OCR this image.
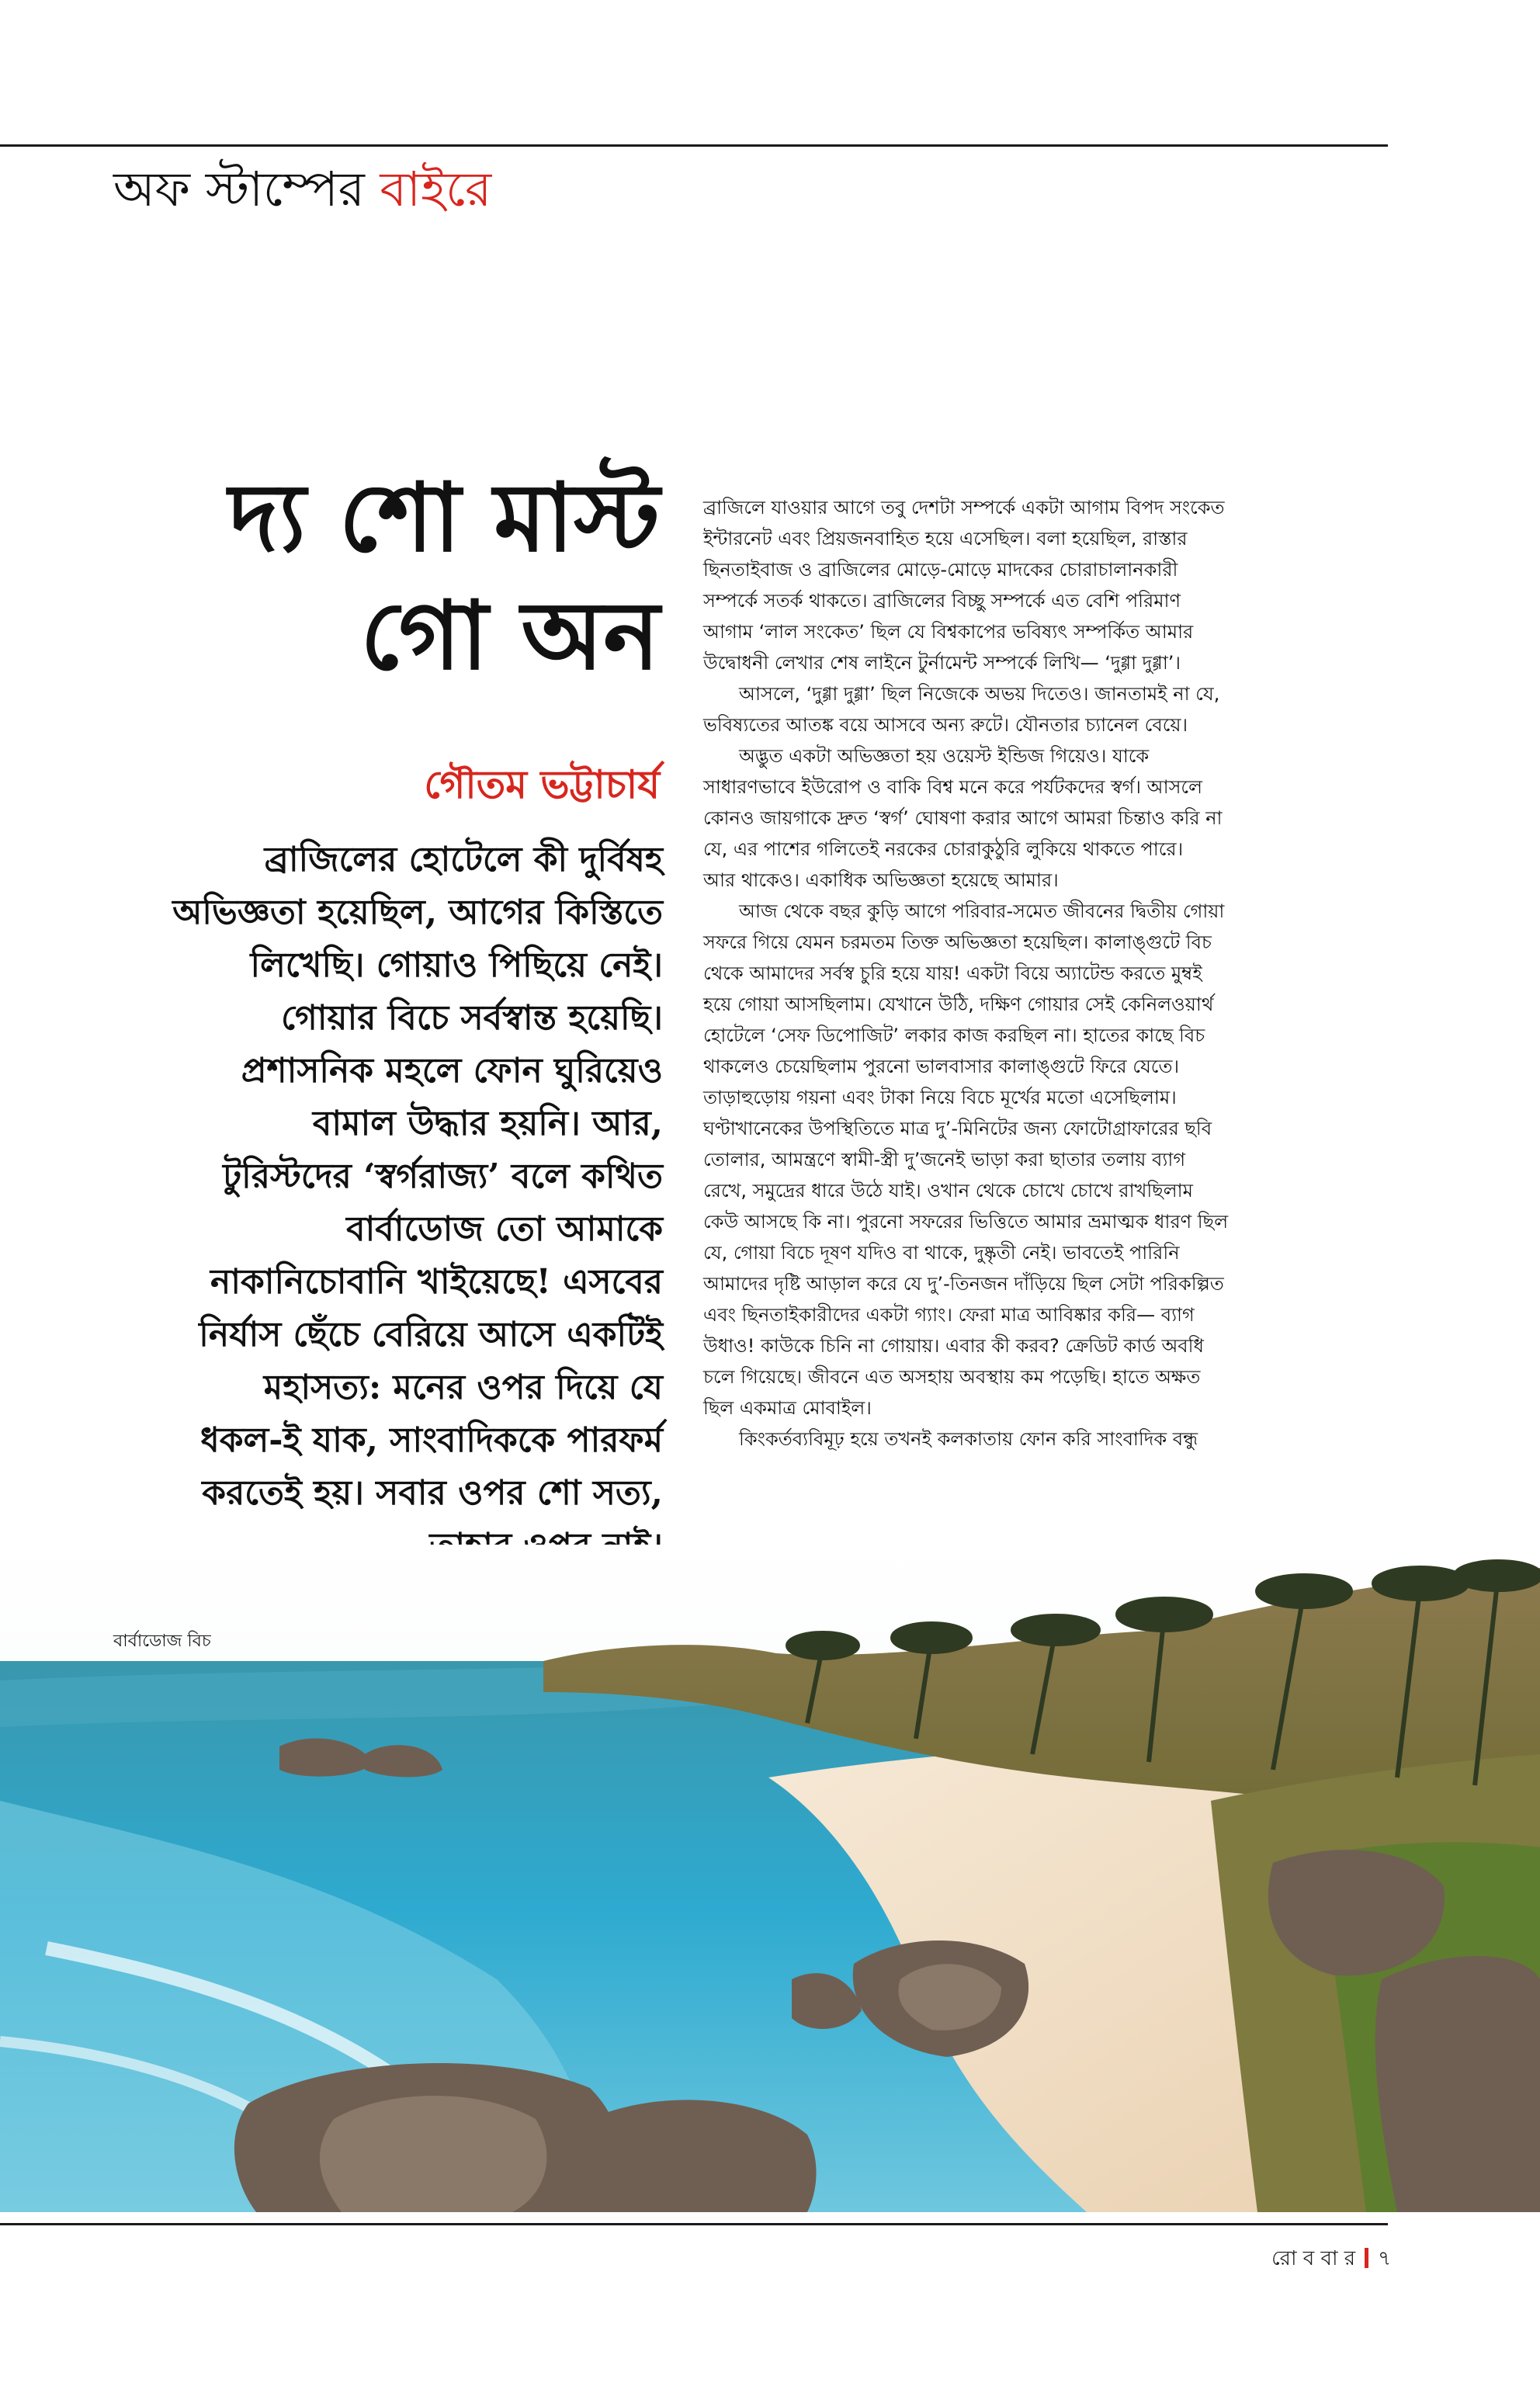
অফ স্টাম্পের বাইরে
দ্য শো মাস্ট
গো অন
গৌতম ভট্টাচার্য
ব্রাজিলের হোটেলে কী দুর্বিষহ
অভিজ্ঞতা হয়েছিল, আগের কিস্তিতে
লিখেছি। গোয়াও পিছিয়ে নেই।
গোয়ার বিচে সর্বস্বান্ত হয়েছি।
প্রশাসনিক মহলে ফোন ঘুরিয়েও
বামাল উদ্ধার হয়নি। আর,
টুরিস্টদের ‘স্বর্গরাজ্য’ বলে কথিত
বার্বাডোজ তো আমাকে
নাকানিচোবানি খাইয়েছে! এসবের
নির্যাস ছেঁচে বেরিয়ে আসে একটিই
মহাসত্য: মনের ওপর দিয়ে যে
ধকল-ই যাক, সাংবাদিককে পারফর্ম
করতেই হয়। সবার ওপর শো সত্য,
ব্রাজিলে যাওয়ার আগে তবু দেশটা সম্পর্কে একটা আগাম বিপদ সংকেত
ইন্টারনেট এবং প্রিয়জনবাহিত হয়ে এসেছিল। বলা হয়েছিল, রাস্তার
ছিনতাইবাজ ও ব্রাজিলের মোড়ে-মোড়ে মাদকের চোরাচালানকারী
সম্পর্কে সতর্ক থাকতে। ব্রাজিলের বিচ্ছু সম্পর্কে এত বেশি পরিমাণ
আগাম ‘লাল সংকেত’ ছিল যে বিশ্বকাপের ভবিষ্যৎ সম্পর্কিত আমার
উদ্বোধনী লেখার শেষ লাইনে টুর্নামেন্ট সম্পর্কে লিখি— ‘দুগ্গা দুগ্গা’।
আসলে, ‘দুগ্গা দুগ্গা’ ছিল নিজেকে অভয় দিতেও। জানতামই না যে,
ভবিষ্যতের আতঙ্ক বয়ে আসবে অন্য রুটে। যৌনতার চ্যানেল বেয়ে।
অদ্ভুত একটা অভিজ্ঞতা হয় ওয়েস্ট ইন্ডিজ গিয়েও। যাকে
সাধারণভাবে ইউরোপ ও বাকি বিশ্ব মনে করে পর্যটকদের স্বর্গ। আসলে
কোনও জায়গাকে দ্রুত ‘স্বর্গ’ ঘোষণা করার আগে আমরা চিন্তাও করি না
যে, এর পাশের গলিতেই নরকের চোরাকুঠুরি লুকিয়ে থাকতে পারে।
আর থাকেও। একাধিক অভিজ্ঞতা হয়েছে আমার।
আজ থেকে বছর কুড়ি আগে পরিবার-সমেত জীবনের দ্বিতীয় গোয়া
সফরে গিয়ে যেমন চরমতম তিক্ত অভিজ্ঞতা হয়েছিল। কালাঙ্গুটে বিচ
থেকে আমাদের সর্বস্ব চুরি হয়ে যায়! একটা বিয়ে অ্যাটেন্ড করতে মুম্বই
হয়ে গোয়া আসছিলাম। যেখানে উঠি, দক্ষিণ গোয়ার সেই কেনিলওয়ার্থ
হোটেলে ‘সেফ ডিপোজিট’ লকার কাজ করছিল না। হাতের কাছে বিচ
থাকলেও চেয়েছিলাম পুরনো ভালবাসার কালাঙ্গুটে ফিরে যেতে।
তাড়াহুড়োয় গয়না এবং টাকা নিয়ে বিচে মূর্খের মতো এসেছিলাম।
ঘণ্টাখানেকের উপস্থিতিতে মাত্র দু’-মিনিটের জন্য ফোটোগ্রাফারের ছবি
তোলার, আমন্ত্রণে স্বামী-স্ত্রী দু’জনেই ভাড়া করা ছাতার তলায় ব্যাগ
রেখে, সমুদ্রের ধারে উঠে যাই। ওখান থেকে চোখে চোখে রাখছিলাম
কেউ আসছে কি না। পুরনো সফরের ভিত্তিতে আমার ভ্রমাত্মক ধারণ ছিল
যে, গোয়া বিচে দূষণ যদিও বা থাকে, দুষ্কৃতী নেই। ভাবতেই পারিনি
আমাদের দৃষ্টি আড়াল করে যে দু’-তিনজন দাঁড়িয়ে ছিল সেটা পরিকল্পিত
এবং ছিনতাইকারীদের একটা গ্যাং। ফেরা মাত্র আবিষ্কার করি— ব্যাগ
উধাও! কাউকে চিনি না গোয়ায়। এবার কী করব? ক্রেডিট কার্ড অবধি
চলে গিয়েছে। জীবনে এত অসহায় অবস্থায় কম পড়েছি। হাতে অক্ষত
ছিল একমাত্র মোবাইল।
কিংকর্তব্যবিমূঢ় হয়ে তখনই কলকাতায় ফোন করি সাংবাদিক বন্ধু
বার্বাডোজ বিচ
রো ব বা র ৭
